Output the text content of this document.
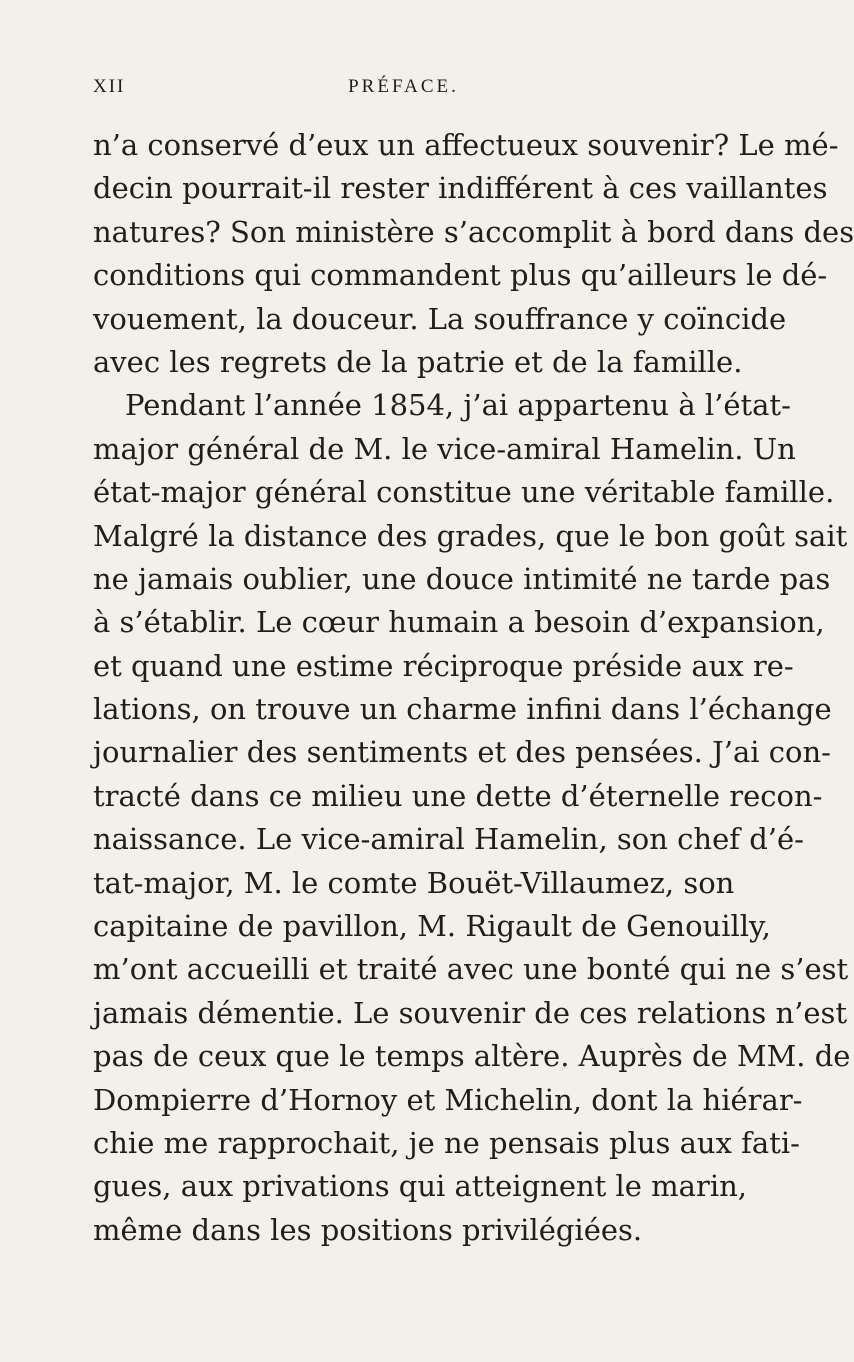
XII	PRÉFACE.
n’a conservé d’eux un affectueux souvenir? Le mé-
decin pourrait-il rester indifférent à ces vaillantes
natures? Son ministère s’accomplit à bord dans des
conditions qui commandent plus qu’ailleurs le dé-
vouement, la douceur. La souffrance y coïncide
avec les regrets de la patrie et de la famille.
Pendant l’année 1854, j’ai appartenu à l’état-
major général de M. le vice-amiral Hamelin. Un
état-major général constitue une véritable famille.
Malgré la distance des grades, que le bon goût sait
ne jamais oublier, une douce intimité ne tarde pas
à s’établir. Le cœur humain a besoin d’expansion,
et quand une estime réciproque préside aux re-
lations, on trouve un charme infini dans l’échange
journalier des sentiments et des pensées. J’ai con-
tracté dans ce milieu une dette d’éternelle recon-
naissance. Le vice-amiral Hamelin, son chef d’é-
tat-major, M. le comte Bouët-Villaumez, son
capitaine de pavillon, M. Rigault de Genouilly,
m’ont accueilli et traité avec une bonté qui ne s’est
jamais démentie. Le souvenir de ces relations n’est
pas de ceux que le temps altère. Auprès de MM. de
Dompierre d’Hornoy et Michelin, dont la hiérar-
chie me rapprochait, je ne pensais plus aux fati-
gues, aux privations qui atteignent le marin,
même dans les positions privilégiées.
